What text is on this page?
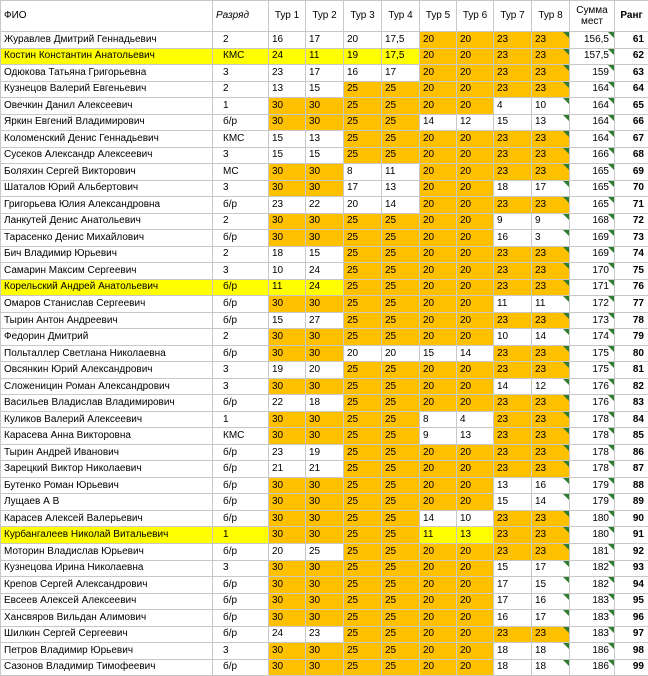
ФИО	Разряд	Тур 1	Тур 2	Тур 3	Тур 4	Тур 5	Тур 6	Тур 7	Тур 8	Сумма мест	Ранг
Журавлев Дмитрий Геннадьевич	2	16	17	20	17,5	20	20	23	23	156,5	61
Костин Константин Анатольевич	КМС	24	11	19	17,5	20	20	23	23	157,5	62
Одюкова Татьяна Григорьевна	3	23	17	16	17	20	20	23	23	159	63
Кузнецов Валерий Евгеньевич	2	13	15	25	25	20	20	23	23	164	64
Овечкин Данил Алексеевич	1	30	30	25	25	20	20	4	10	164	65
Яркин Евгений Владимирович	б/р	30	30	25	25	14	12	15	13	164	66
Коломенский Денис Геннадьевич	КМС	15	13	25	25	20	20	23	23	164	67
Сусеков Александр Алексеевич	3	15	15	25	25	20	20	23	23	166	68
Боляхин Сергей Викторович	МС	30	30	8	11	20	20	23	23	165	69
Шаталов Юрий Альбертович	3	30	30	17	13	20	20	18	17	165	70
Григорьева Юлия Александровна	б/р	23	22	20	14	20	20	23	23	165	71
Ланкутей Денис Анатольевич	2	30	30	25	25	20	20	9	9	168	72
Тарасенко Денис Михайлович	б/р	30	30	25	25	20	20	16	3	169	73
Бич Владимир Юрьевич	2	18	15	25	25	20	20	23	23	169	74
Самарин Максим Сергеевич	3	10	24	25	25	20	20	23	23	170	75
Корельский Андрей Анатольевич	б/р	11	24	25	25	20	20	23	23	171	76
Омаров Станислав Сергеевич	б/р	30	30	25	25	20	20	11	11	172	77
Тырин Антон Андреевич	б/р	15	27	25	25	20	20	23	23	173	78
Федорин Дмитрий	2	30	30	25	25	20	20	10	14	174	79
Польталлер Светлана Николаевна	б/р	30	30	20	20	15	14	23	23	175	80
Овсянкин Юрий Александрович	3	19	20	25	25	20	20	23	23	175	81
Сложеницин Роман Александрович	3	30	30	25	25	20	20	14	12	176	82
Васильев Владислав Владимирович	б/р	22	18	25	25	20	20	23	23	176	83
Куликов Валерий Алексеевич	1	30	30	25	25	8	4	23	23	178	84
Карасева Анна Викторовна	КМС	30	30	25	25	9	13	23	23	178	85
Тырин Андрей Иванович	б/р	23	19	25	25	20	20	23	23	178	86
Зарецкий Виктор Николаевич	б/р	21	21	25	25	20	20	23	23	178	87
Бутенко Роман Юрьевич	б/р	30	30	25	25	20	20	13	16	179	88
Лущаев А В	б/р	30	30	25	25	20	20	15	14	179	89
Карасев Алексей Валерьевич	б/р	30	30	25	25	14	10	23	23	180	90
Курбангалеев Николай Витальевич	1	30	30	25	25	11	13	23	23	180	91
Моторин Владислав Юрьевич	б/р	20	25	25	25	20	20	23	23	181	92
Кузнецова Ирина Николаевна	3	30	30	25	25	20	20	15	17	182	93
Крепов Сергей Александрович	б/р	30	30	25	25	20	20	17	15	182	94
Евсеев Алексей Алексеевич	б/р	30	30	25	25	20	20	17	16	183	95
Хансвяров Вильдан Алимович	б/р	30	30	25	25	20	20	16	17	183	96
Шилкин Сергей Сергеевич	б/р	24	23	25	25	20	20	23	23	183	97
Петров Владимир Юрьевич	3	30	30	25	25	20	20	18	18	186	98
Сазонов Владимир Тимофеевич	б/р	30	30	25	25	20	20	18	18	186	99
